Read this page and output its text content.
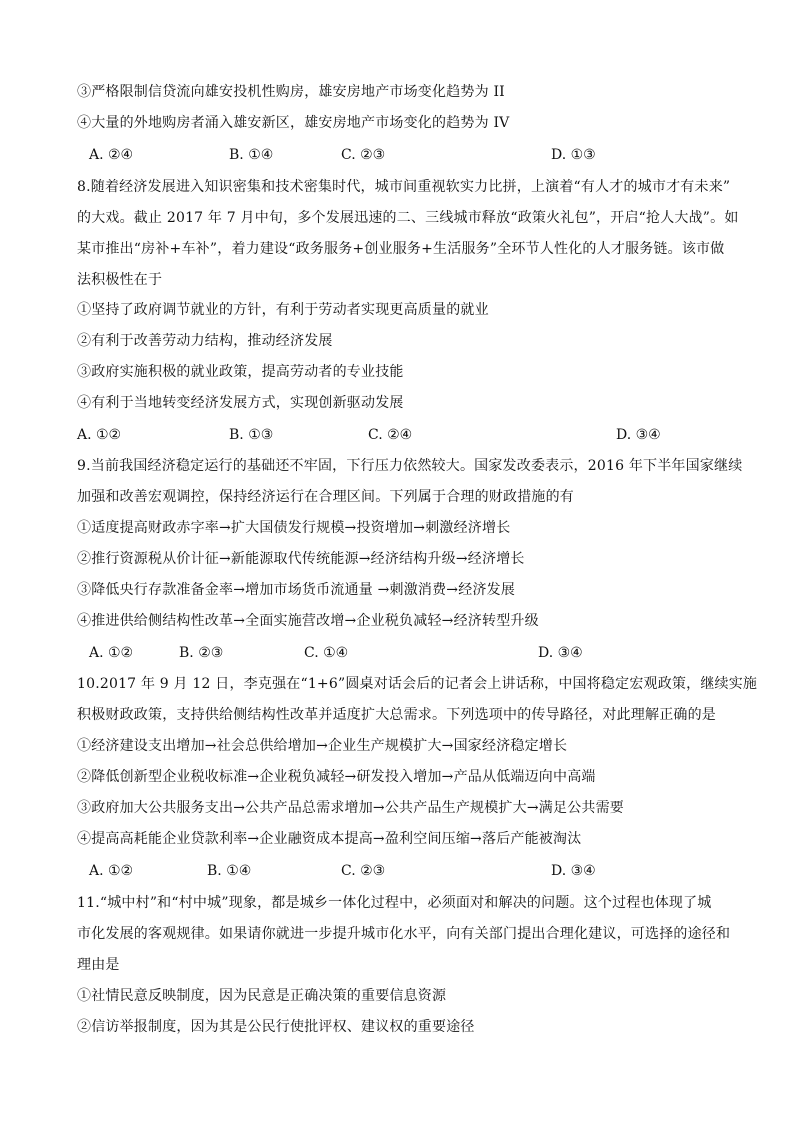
③严格限制信贷流向雄安投机性购房，雄安房地产市场变化趋势为 II
④大量的外地购房者涌入雄安新区，雄安房地产市场变化的趋势为 IV
A. ②④	B. ①④	C. ②③	D. ①③
8.随着经济发展进入知识密集和技术密集时代，城市间重视软实力比拼，上演着“有人才的城市才有未来”
的大戏。截止 2017 年 7 月中旬，多个发展迅速的二、三线城市释放“政策火礼包”，开启“抢人大战”。如
某市推出“房补+车补”，着力建设“政务服务+创业服务+生活服务”全环节人性化的人才服务链。该市做
法积极性在于
①坚持了政府调节就业的方针，有利于劳动者实现更高质量的就业
②有利于改善劳动力结构，推动经济发展
③政府实施积极的就业政策，提高劳动者的专业技能
④有利于当地转变经济发展方式，实现创新驱动发展
A. ①②	B. ①③	C. ②④	D. ③④
9.当前我国经济稳定运行的基础还不牢固，下行压力依然较大。国家发改委表示，2016 年下半年国家继续
加强和改善宏观调控，保持经济运行在合理区间。下列属于合理的财政措施的有
①适度提高财政赤字率→扩大国债发行规模→投资增加→刺激经济增长
②推行资源税从价计征→新能源取代传统能源→经济结构升级→经济增长
③降低央行存款准备金率→增加市场货币流通量 →刺激消费→经济发展
④推进供给侧结构性改革→全面实施营改增→企业税负减轻→经济转型升级
A. ①②	B. ②③	C. ①④	D. ③④
10.2017 年 9 月 12 日，李克强在“1+6”圆桌对话会后的记者会上讲话称，中国将稳定宏观政策，继续实施
积极财政政策，支持供给侧结构性改革并适度扩大总需求。下列选项中的传导路径，对此理解正确的是
①经济建设支出增加→社会总供给增加→企业生产规模扩大→国家经济稳定增长
②降低创新型企业税收标准→企业税负减轻→研发投入增加→产品从低端迈向中高端
③政府加大公共服务支出→公共产品总需求增加→公共产品生产规模扩大→满足公共需要
④提高高耗能企业贷款利率→企业融资成本提高→盈利空间压缩→落后产能被淘汰
A. ①②	B. ①④	C. ②③	D. ③④
11.“城中村”和“村中城”现象，都是城乡一体化过程中，必须面对和解决的问题。这个过程也体现了城
市化发展的客观规律。如果请你就进一步提升城市化水平，向有关部门提出合理化建议，可选择的途径和
理由是
①社情民意反映制度，因为民意是正确决策的重要信息资源
②信访举报制度，因为其是公民行使批评权、建议权的重要途径
